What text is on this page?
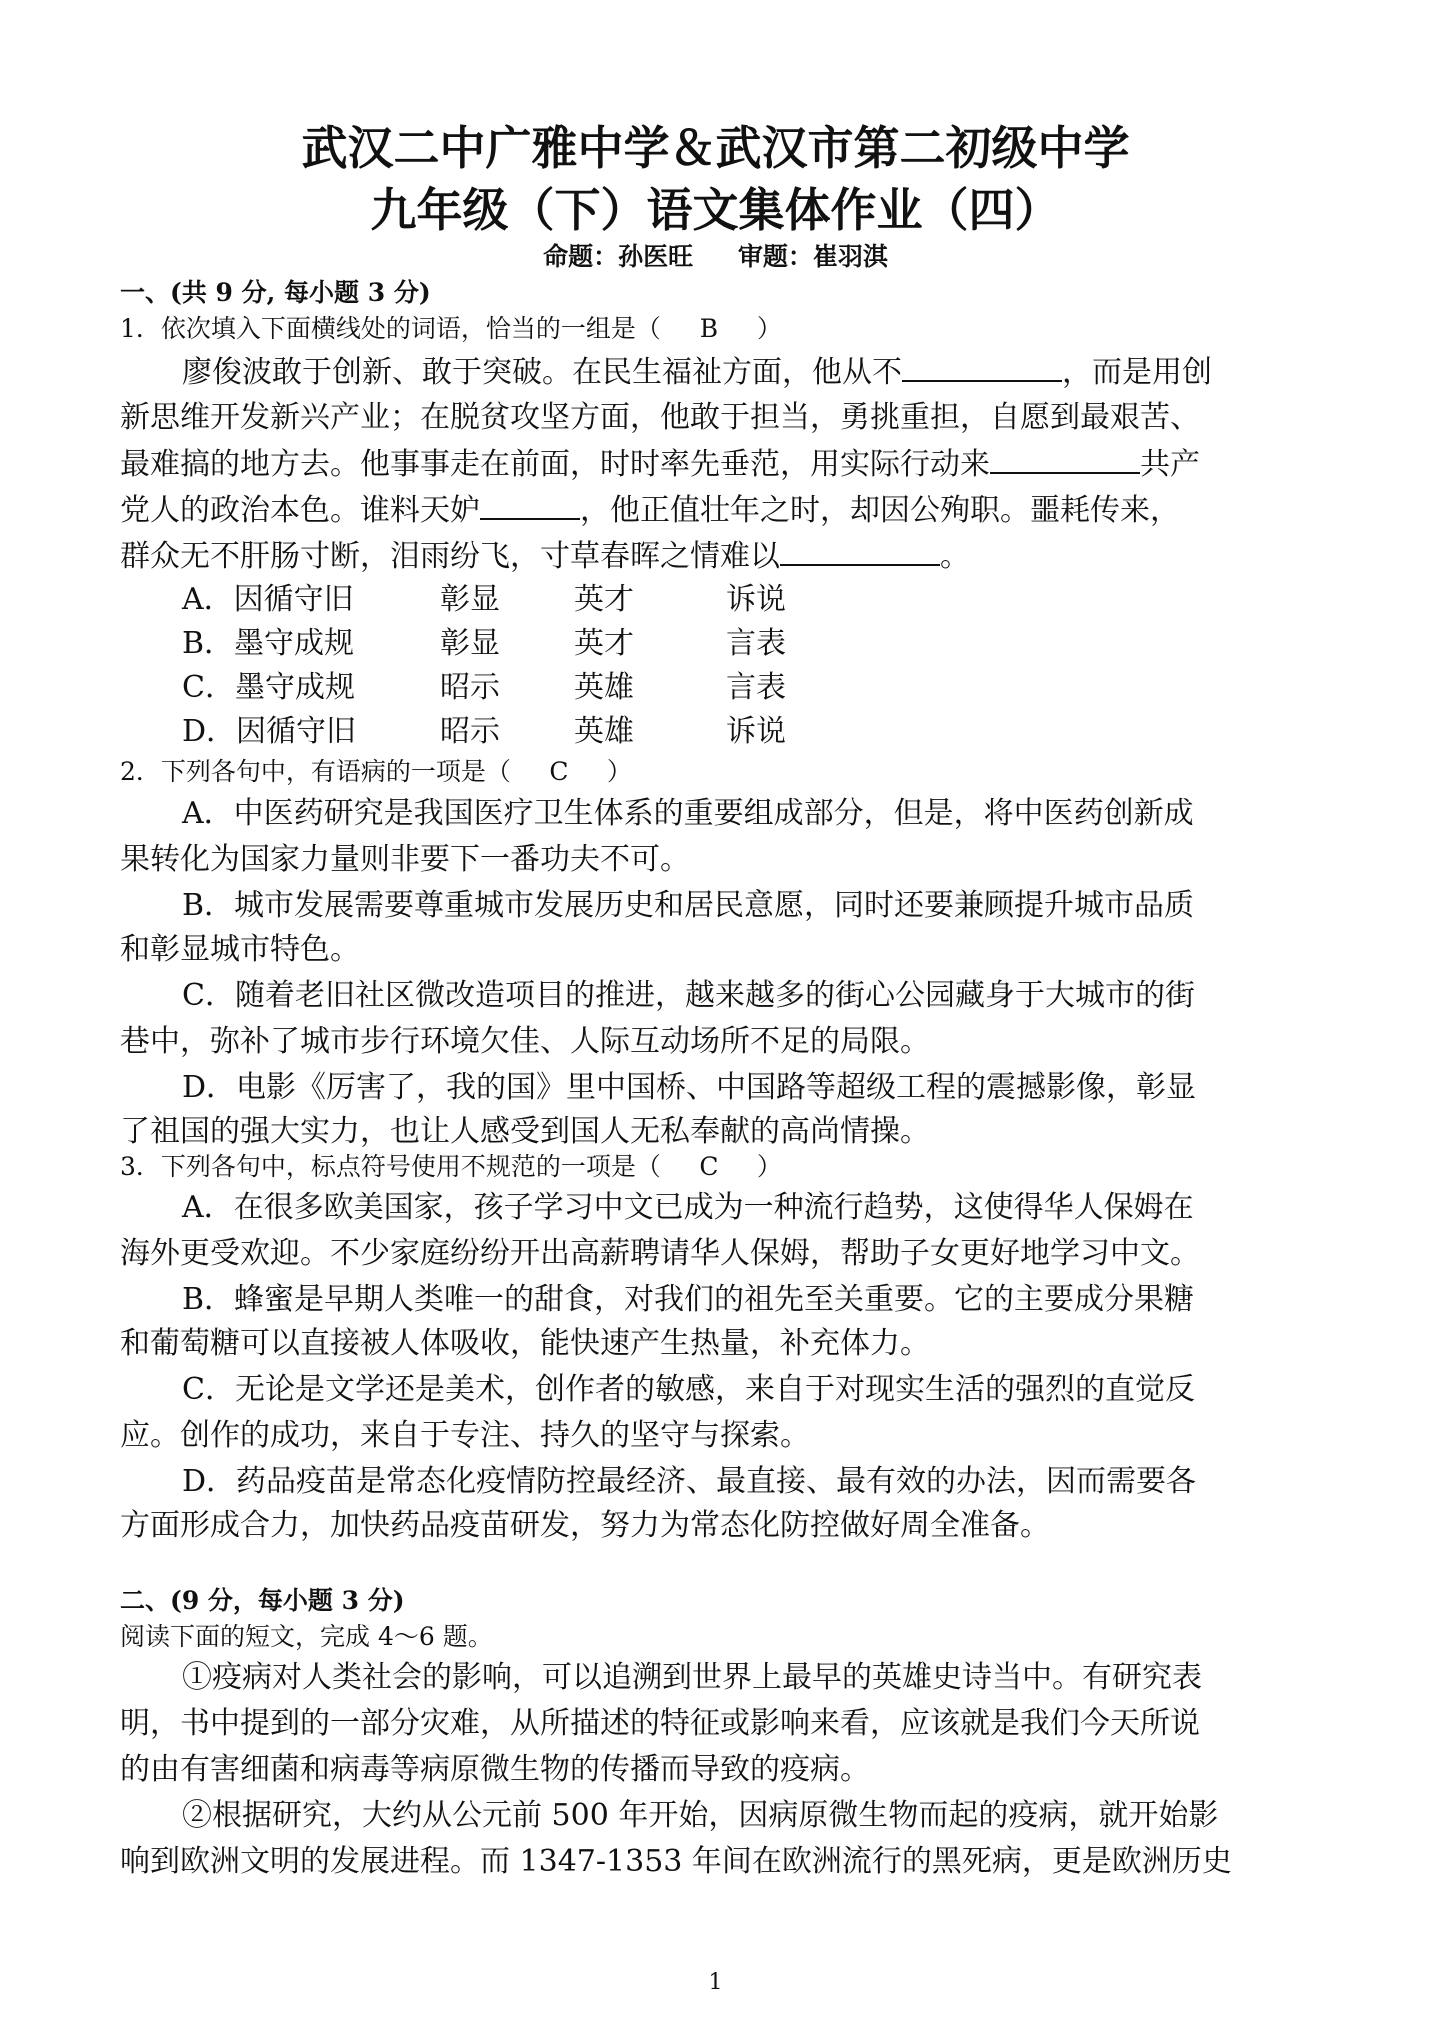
武汉二中广雅中学＆武汉市第二初级中学
九年级（下）语文集体作业（四）
命题：孙医旺 审题：崔羽淇
一、(共 9 分, 每小题 3 分)
1．依次填入下面横线处的词语，恰当的一组是（ B ）
廖俊波敢于创新、敢于突破。在民生福祉方面，他从不	，而是用创
新思维开发新兴产业；在脱贫攻坚方面，他敢于担当，勇挑重担，自愿到最艰苦、
最难搞的地方去。他事事走在前面，时时率先垂范，用实际行动来	共产
党人的政治本色。谁料天妒	，他正值壮年之时，却因公殉职。噩耗传来，
群众无不肝肠寸断，泪雨纷飞，寸草春晖之情难以	。
A．因循守旧	彰显 英才	诉说
B．墨守成规	彰显 英才	言表
C．墨守成规	昭示 英雄	言表
D．因循守旧	昭示 英雄	诉说
2．下列各句中，有语病的一项是（ C ）
A．中医药研究是我国医疗卫生体系的重要组成部分，但是，将中医药创新成
果转化为国家力量则非要下一番功夫不可。
B．城市发展需要尊重城市发展历史和居民意愿，同时还要兼顾提升城市品质
和彰显城市特色。
C．随着老旧社区微改造项目的推进，越来越多的街心公园藏身于大城市的街
巷中，弥补了城市步行环境欠佳、人际互动场所不足的局限。
D．电影《厉害了，我的国》里中国桥、中国路等超级工程的震撼影像，彰显
了祖国的强大实力，也让人感受到国人无私奉献的高尚情操。
3．下列各句中，标点符号使用不规范的一项是（ C ）
A．在很多欧美国家，孩子学习中文已成为一种流行趋势，这使得华人保姆在
海外更受欢迎。不少家庭纷纷开出高薪聘请华人保姆，帮助子女更好地学习中文。
B．蜂蜜是早期人类唯一的甜食，对我们的祖先至关重要。它的主要成分果糖
和葡萄糖可以直接被人体吸收，能快速产生热量，补充体力。
C．无论是文学还是美术，创作者的敏感，来自于对现实生活的强烈的直觉反
应。创作的成功，来自于专注、持久的坚守与探索。
D．药品疫苗是常态化疫情防控最经济、最直接、最有效的办法，因而需要各
方面形成合力，加快药品疫苗研发，努力为常态化防控做好周全准备。
二、(9 分，每小题 3 分)
阅读下面的短文，完成 4～6 题。
①疫病对人类社会的影响，可以追溯到世界上最早的英雄史诗当中。有研究表
明，书中提到的一部分灾难，从所描述的特征或影响来看，应该就是我们今天所说
的由有害细菌和病毒等病原微生物的传播而导致的疫病。
②根据研究，大约从公元前 500 年开始，因病原微生物而起的疫病，就开始影
响到欧洲文明的发展进程。而 1347-1353 年间在欧洲流行的黑死病，更是欧洲历史
1
